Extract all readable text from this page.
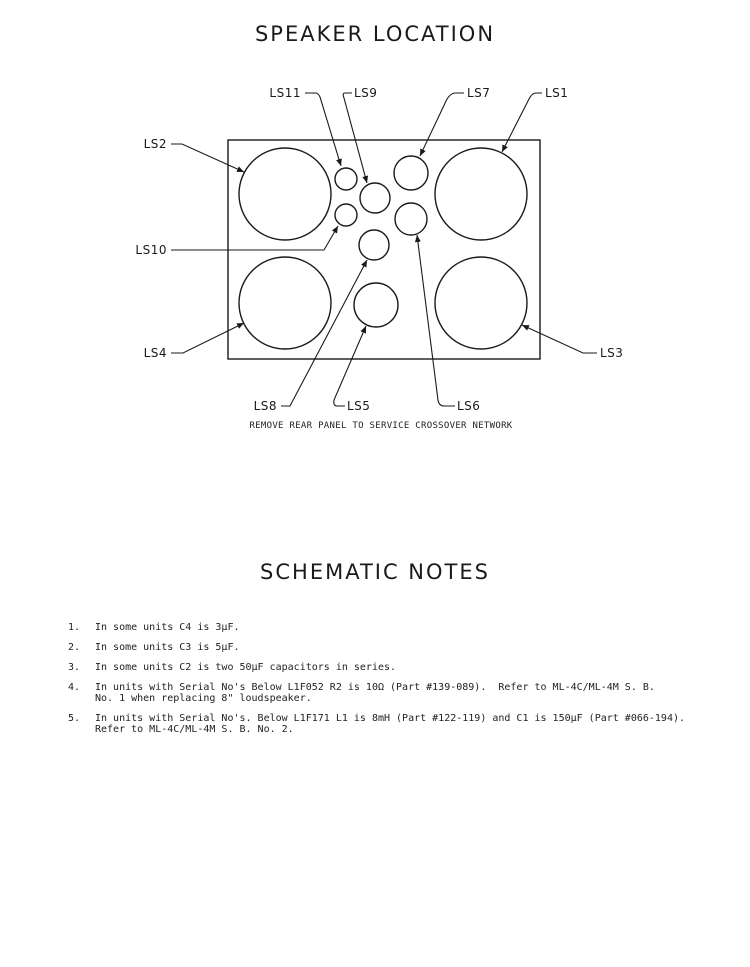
SPEAKER LOCATION
LS11	LS9	LS7	LS1
LS2
LS10
LS4	LS3
LS8	LS5	LS6
REMOVE REAR PANEL TO SERVICE CROSSOVER NETWORK
SCHEMATIC NOTES
1. In some units C4 is 3µF.
2. In some units C3 is 5µF.
3. In some units C2 is two 50µF capacitors in series.
4. In units with Serial No's Below L1F052 R2 is 10Ω (Part #139-089).  Refer to ML-4C/ML-4M S. B.
No. 1 when replacing 8" loudspeaker.
5. In units with Serial No's. Below L1F171 L1 is 8mH (Part #122-119) and C1 is 150µF (Part #066-194).
Refer to ML-4C/ML-4M S. B. No. 2.
